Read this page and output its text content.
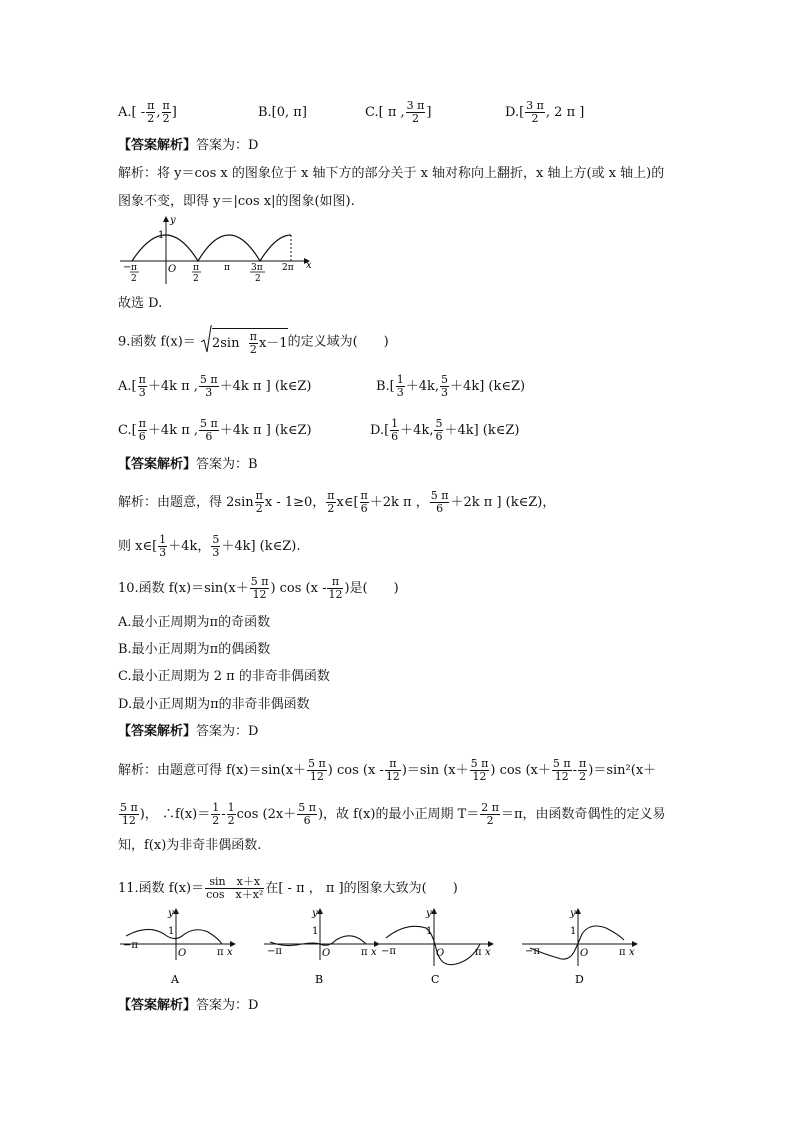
$A.[ - \frac{\pi}{2}$ , $\frac{\pi}{2}$ ]	B.[0, π]	C.[ π , $\frac{3 \pi}{2}$ ]	$D.[ \frac{3 \pi}{2}$ , 2 π ]
【答案解析】答案为：D
解析：将 y＝cos x 的图象位于 x 轴下方的部分关于 x 轴对称向上翻折，x 轴上方(或 x 轴上)的
图象不变，即得 y＝|cos x|的图象(如图).
y
1
x
O
− π
2
π
2
π 3π
2
2π
故选 D.
9.函数 $f(x)= 2\sin \frac{\pi}{2} x-1$的定义域为(　　)
$A.[ \frac{\pi}{3} +4k$ π , $\frac{5 \pi}{3} +4k$ π ] (k∈Z)	$B.[ \frac{1}{3} +4k$, $\frac{5}{3} +4k$] (k∈Z)
$C.[ \frac{\pi}{6} +4k$ π , $\frac{5 \pi}{6} +4k$ π ] (k∈Z)	$D.[ \frac{1}{6} +4k$, $\frac{5}{6} +4k$] (k∈Z)
【答案解析】答案为：B
解析：由题意，得 $2\sin \frac{\pi}{2}$ x - 1≥0， $\frac{\pi}{2}$ x∈[ $\frac{\pi}{6} +2k$ π ， $\frac{5 \pi}{6} +2k$ π ] (k∈Z)，
则 x∈[ $\frac{1}{3} +4k$， $\frac{5}{3} +4k$] (k∈Z).
10.函数 $f(x)=\sin(x+ \frac{5 \pi}{12}$ ) $\cos (x - \frac{\pi}{12}$ )是(　　)
A.最小正周期为π的奇函数
B.最小正周期为π的偶函数
C.最小正周期为 2 π 的非奇非偶函数
D.最小正周期为π的非奇非偶函数
【答案解析】答案为：D
解析：由题意可得 $f(x)=\sin(x+ \frac{5 \pi}{12}$ ) $\cos (x - \frac{\pi}{12} )=\sin$ ($x+ \frac{5 \pi}{12}$ ) $\cos (x+ \frac{5 \pi}{12} - \frac{\pi}{2} )=\sin^2(x+$
$\frac{5 \pi}{12}$ )， ∴f(x)＝ $\frac{1}{2} - \frac{1}{2}$ $\cos (2x+ \frac{5 \pi}{6}$ )，故 f(x)的最小正周期 $T= \frac{2 \pi}{2} =\pi$，由函数奇偶性的定义易
知，f(x)为非奇非偶函数.
11.函数 $f(x)= \frac{\text{sin　x＋x}}{\text{cos　x＋x²}}$ 在[ - π ， π ]的图象大致为(　　)
y
1
O
−π
π x
A
y
1
O
−π	π x
B
y
1
O
−π	π x
C
y
1
O
−π	π x
D
【答案解析】答案为：D
